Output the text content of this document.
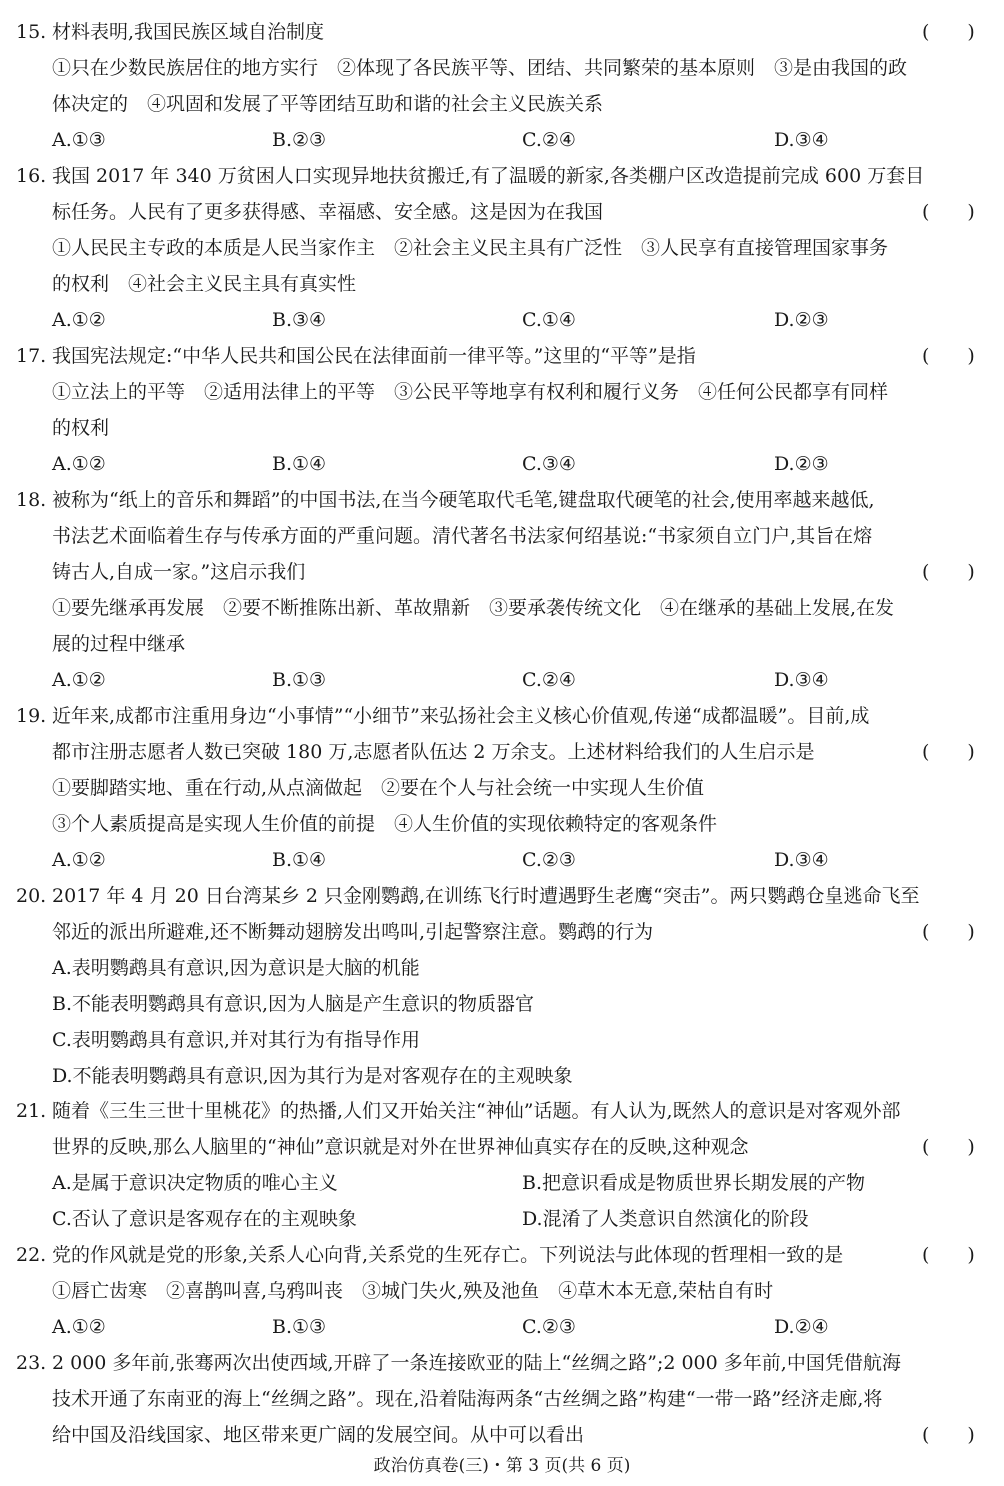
15. 材料表明,我国民族区域自治制度	(　　)
①只在少数民族居住的地方实行　②体现了各民族平等、团结、共同繁荣的基本原则　③是由我国的政
体决定的　④巩固和发展了平等团结互助和谐的社会主义民族关系
A.①③	B.②③	C.②④	D.③④
16. 我国 2017 年 340 万贫困人口实现异地扶贫搬迁,有了温暖的新家,各类棚户区改造提前完成 600 万套目
标任务。人民有了更多获得感、幸福感、安全感。这是因为在我国	(　　)
①人民民主专政的本质是人民当家作主　②社会主义民主具有广泛性　③人民享有直接管理国家事务
的权利　④社会主义民主具有真实性
A.①②	B.③④	C.①④	D.②③
17. 我国宪法规定:“中华人民共和国公民在法律面前一律平等。”这里的“平等”是指	(　　)
①立法上的平等　②适用法律上的平等　③公民平等地享有权利和履行义务　④任何公民都享有同样
的权利
A.①②	B.①④	C.③④	D.②③
18. 被称为“纸上的音乐和舞蹈”的中国书法,在当今硬笔取代毛笔,键盘取代硬笔的社会,使用率越来越低,
书法艺术面临着生存与传承方面的严重问题。清代著名书法家何绍基说:“书家须自立门户,其旨在熔
铸古人,自成一家。”这启示我们	(　　)
①要先继承再发展　②要不断推陈出新、革故鼎新　③要承袭传统文化　④在继承的基础上发展,在发
展的过程中继承
A.①②	B.①③	C.②④	D.③④
19. 近年来,成都市注重用身边“小事情”“小细节”来弘扬社会主义核心价值观,传递“成都温暖”。目前,成
都市注册志愿者人数已突破 180 万,志愿者队伍达 2 万余支。上述材料给我们的人生启示是	(　　)
①要脚踏实地、重在行动,从点滴做起　②要在个人与社会统一中实现人生价值
③个人素质提高是实现人生价值的前提　④人生价值的实现依赖特定的客观条件
A.①②	B.①④	C.②③	D.③④
20. 2017 年 4 月 20 日台湾某乡 2 只金刚鹦鹉,在训练飞行时遭遇野生老鹰“突击”。两只鹦鹉仓皇逃命飞至
邻近的派出所避难,还不断舞动翅膀发出鸣叫,引起警察注意。鹦鹉的行为	(　　)
A.表明鹦鹉具有意识,因为意识是大脑的机能
B.不能表明鹦鹉具有意识,因为人脑是产生意识的物质器官
C.表明鹦鹉具有意识,并对其行为有指导作用
D.不能表明鹦鹉具有意识,因为其行为是对客观存在的主观映象
21. 随着《三生三世十里桃花》的热播,人们又开始关注“神仙”话题。有人认为,既然人的意识是对客观外部
世界的反映,那么人脑里的“神仙”意识就是对外在世界神仙真实存在的反映,这种观念	(　　)
A.是属于意识决定物质的唯心主义	B.把意识看成是物质世界长期发展的产物
C.否认了意识是客观存在的主观映象	D.混淆了人类意识自然演化的阶段
22. 党的作风就是党的形象,关系人心向背,关系党的生死存亡。下列说法与此体现的哲理相一致的是	(　　)
①唇亡齿寒　②喜鹊叫喜,乌鸦叫丧　③城门失火,殃及池鱼　④草木本无意,荣枯自有时
A.①②	B.①③	C.②③	D.②④
23. 2 000 多年前,张骞两次出使西域,开辟了一条连接欧亚的陆上“丝绸之路”;2 000 多年前,中国凭借航海
技术开通了东南亚的海上“丝绸之路”。现在,沿着陆海两条“古丝绸之路”构建“一带一路”经济走廊,将
给中国及沿线国家、地区带来更广阔的发展空间。从中可以看出	(　　)
政治仿真卷(三)・第 3 页(共 6 页)
